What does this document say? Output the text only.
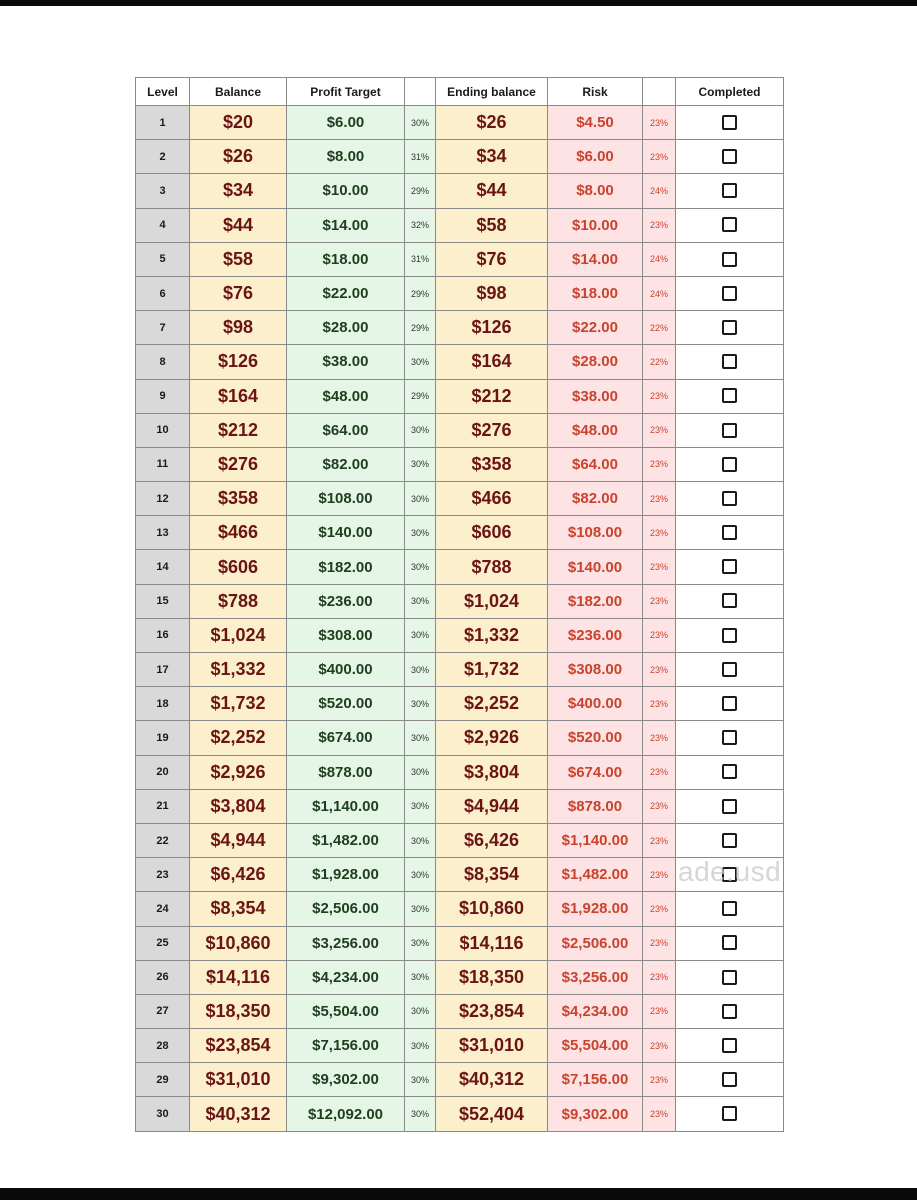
Level	Balance	Profit Target		Ending balance	Risk		Completed
1	$20	$6.00	30%	$26	$4.50	23%	
2	$26	$8.00	31%	$34	$6.00	23%	
3	$34	$10.00	29%	$44	$8.00	24%	
4	$44	$14.00	32%	$58	$10.00	23%	
5	$58	$18.00	31%	$76	$14.00	24%	
6	$76	$22.00	29%	$98	$18.00	24%	
7	$98	$28.00	29%	$126	$22.00	22%	
8	$126	$38.00	30%	$164	$28.00	22%	
9	$164	$48.00	29%	$212	$38.00	23%	
10	$212	$64.00	30%	$276	$48.00	23%	
11	$276	$82.00	30%	$358	$64.00	23%	
12	$358	$108.00	30%	$466	$82.00	23%	
13	$466	$140.00	30%	$606	$108.00	23%	
14	$606	$182.00	30%	$788	$140.00	23%	
15	$788	$236.00	30%	$1,024	$182.00	23%	
16	$1,024	$308.00	30%	$1,332	$236.00	23%	
17	$1,332	$400.00	30%	$1,732	$308.00	23%	
18	$1,732	$520.00	30%	$2,252	$400.00	23%	
19	$2,252	$674.00	30%	$2,926	$520.00	23%	
20	$2,926	$878.00	30%	$3,804	$674.00	23%	
21	$3,804	$1,140.00	30%	$4,944	$878.00	23%	
22	$4,944	$1,482.00	30%	$6,426	$1,140.00	23%	
23	$6,426	$1,928.00	30%	$8,354	$1,482.00	23%	
24	$8,354	$2,506.00	30%	$10,860	$1,928.00	23%	
25	$10,860	$3,256.00	30%	$14,116	$2,506.00	23%	
26	$14,116	$4,234.00	30%	$18,350	$3,256.00	23%	
27	$18,350	$5,504.00	30%	$23,854	$4,234.00	23%	
28	$23,854	$7,156.00	30%	$31,010	$5,504.00	23%	
29	$31,010	$9,302.00	30%	$40,312	$7,156.00	23%	
30	$40,312	$12,092.00	30%	$52,404	$9,302.00	23%	
ade.usd
